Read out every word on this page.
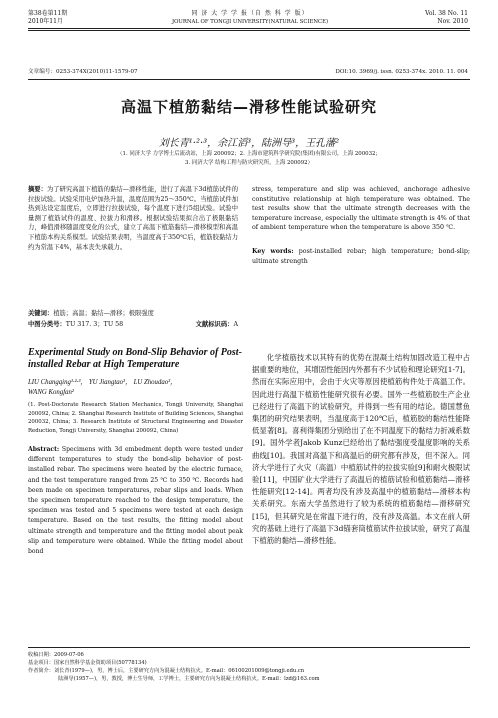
第38卷第11期
2010年11月
同 济 大 学 学 报（自 然 科 学 版）
JOURNAL OF TONGJI UNIVERSITY(NATURAL SCIENCE)
Vol. 38 No. 11
Nov. 2010
文章编号：0253-374X(2010)11-1579-07	DOI:10. 3969/j. issn. 0253-374x. 2010. 11. 004
高温下植筋黏结—滑移性能试验研究
刘长青¹·²·³，余江滔³，陆洲导³，王孔藩²
（1. 同济大学 力学博士后流动站，上海 200092；2. 上海市建筑科学研究院(集团)有限公司，上海 200032；
3. 同济大学 结构工程与防灾研究所，上海 200092）
摘要：为了研究高温下植筋的黏结—滑移性能，进行了高温下3d植筋试件的拉拔试验。试验采用电炉加热升温，温度范围为25～350℃。当植筋试件加热到达设定温度后，立即进行拉拔试验，每个温度下进行5组试验。试验中量测了植筋试件的温度、拉拔力和滑移。根据试验结果拟合出了极限黏结力，峰值滑移随温度变化的公式，建立了高温下植筋黏结—滑移模型和高温下植筋本构关系模型。试验结果表明，当温度高于350℃后，植筋胶黏结力约为常温下4%，基本丧失承载力。
关键词：植筋；高温；黏结—滑移；极限强度
中图分类号：TU 317. 3；TU 58	文献标识码：A
stress, temperature and slip was achieved, anchorage adhesive constitutive relationship at high temperature was obtained. The test results show that the ultimate strength decreases with the temperature increase, especially the ultimate strength is 4% of that of ambient temperature when the temperature is above 350 ℃.
Key words: post-installed rebar; high temperature; bond-slip; ultimate strength
Experimental Study on Bond-Slip Behavior of Post-installed Rebar at High Temperature
LIU Changqing¹·²·³， YU Jiangtao³， LU Zhoudao³，
WANG Kongfan²
(1. Post-Doctorate Research Station Mechanics, Tongji University, Shanghai 200092, China; 2. Shanghai Research Institute of Building Sciences, Shanghai 200032, China; 3. Research Institute of Structural Engineering and Disaster Reduction, Tongji University, Shanghai 200092, China)
Abstract: Specimens with 3d embedment depth were tested under different temperatures to study the bond-slip behavior of post-installed rebar. The specimens were heated by the electric furnace, and the test temperature ranged from 25 ℃ to 350 ℃. Records had been made on specimen temperatures, rebar slips and loads. When the specimen temperature reached to the design temperature, the specimen was tested and 5 specimens were tested at each design temperature. Based on the test results, the fitting model about ultimate strength and temperature and the fitting model about peak slip and temperature were obtained. While the fitting model about bond
化学植筋技术以其特有的优势在混凝土结构加固改造工程中占据重要的地位，其增固性能因内外都有不少试验和理论研究[1-7]。然而在实际应用中，会由于火灾等原因使植筋构件处于高温工作。因此进行高温下植筋性能研究很有必要。国外一些植筋胶生产企业已经进行了高温下的试验研究，并得到一些有用的结论。德国慧鱼集团的研究结果表明，当温度高于120℃后，植筋胶的黏结性能降低显著[8]。喜利得集团分别给出了在不同温度下的黏结力折减系数[9]。国外学者Jakob Kunz已经给出了黏结强度受温度影响的关系曲线[10]。我国对高温下和高温后的研究都有涉及，但不深入。同济大学进行了火灾（高温）中植筋试件的拉拔实验[9]和耐火极限试验[11]，中国矿业大学进行了高温后的植筋试验和植筋黏结—滑移性能研究[12-14]。两者均没有涉及高温中的植筋黏结—滑移本构关系研究。东南大学虽然进行了较为系统的植筋黏结—滑移研究[15]，但其研究是在常温下进行的，没有涉及高温。本文在前人研究的基础上进行了高温下3d锚套筒植筋试件拉拔试验，研究了高温下植筋的黏结—滑移性能。
收稿日期：2009-07-06
基金项目：国家自然科学基金资助项目(50778134)
作者简介：刘长青(1979—)，男，博士后，主要研究方向为混凝土结构抗火。E-mail：06100201009@tongji.edu.cn
陆洲导(1957—)，男，教授，博士生导师，工学博士，主要研究方向为混凝土结构抗火。E-mail：lzd@163.com
